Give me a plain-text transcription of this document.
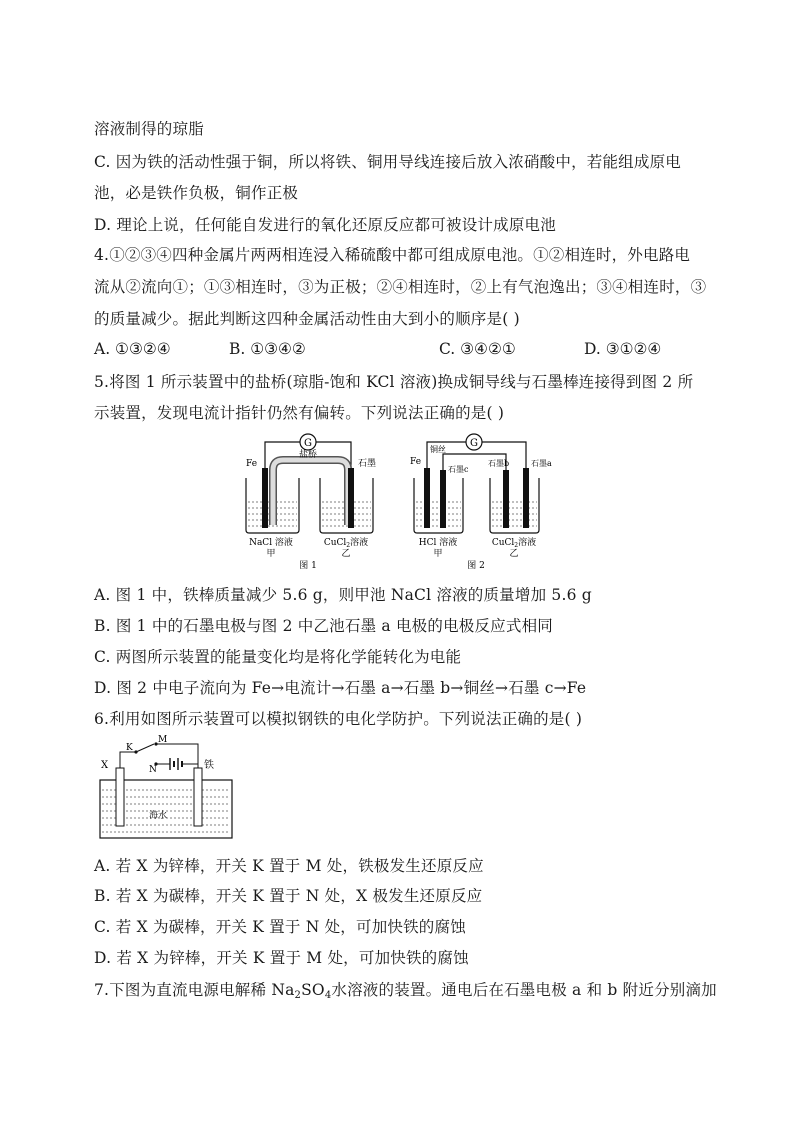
溶液制得的琼脂
C. 因为铁的活动性强于铜，所以将铁、铜用导线连接后放入浓硝酸中，若能组成原电
池，必是铁作负极，铜作正极
D. 理论上说，任何能自发进行的氧化还原反应都可被设计成原电池
4.①②③④四种金属片两两相连浸入稀硫酸中都可组成原电池。①②相连时，外电路电
流从②流向①；①③相连时，③为正极；②④相连时，②上有气泡逸出；③④相连时，③
的质量减少。据此判断这四种金属活动性由大到小的顺序是( )
A. ①③②④	B. ①③④②	C. ③④②①	D. ③①②④
5.将图 1 所示装置中的盐桥(琼脂-饱和 KCl 溶液)换成铜导线与石墨棒连接得到图 2 所
示装置，发现电流计指针仍然有偏转。下列说法正确的是( )
G
Fe
盐桥
石墨
NaCl 溶液	CuCl$_2$溶液
甲	乙
图 1
G
Fe
铜丝
石墨c
石墨b	石墨a
HCl 溶液	CuCl$_2$溶液
甲	乙
图 2
A. 图 1 中，铁棒质量减少 5.6 g，则甲池 NaCl 溶液的质量增加 5.6 g
B. 图 1 中的石墨电极与图 2 中乙池石墨 a 电极的电极反应式相同
C. 两图所示装置的能量变化均是将化学能转化为电能
D. 图 2 中电子流向为 Fe→电流计→石墨 a→石墨 b→铜丝→石墨 c→Fe
6.利用如图所示装置可以模拟钢铁的电化学防护。下列说法正确的是( )
X
K
M
N	铁
海水
A. 若 X 为锌棒，开关 K 置于 M 处，铁极发生还原反应
B. 若 X 为碳棒，开关 K 置于 N 处，X 极发生还原反应
C. 若 X 为碳棒，开关 K 置于 N 处，可加快铁的腐蚀
D. 若 X 为锌棒，开关 K 置于 M 处，可加快铁的腐蚀
7.下图为直流电源电解稀 $Na_2SO_4$水溶液的装置。通电后在石墨电极 a 和 b 附近分别滴加
